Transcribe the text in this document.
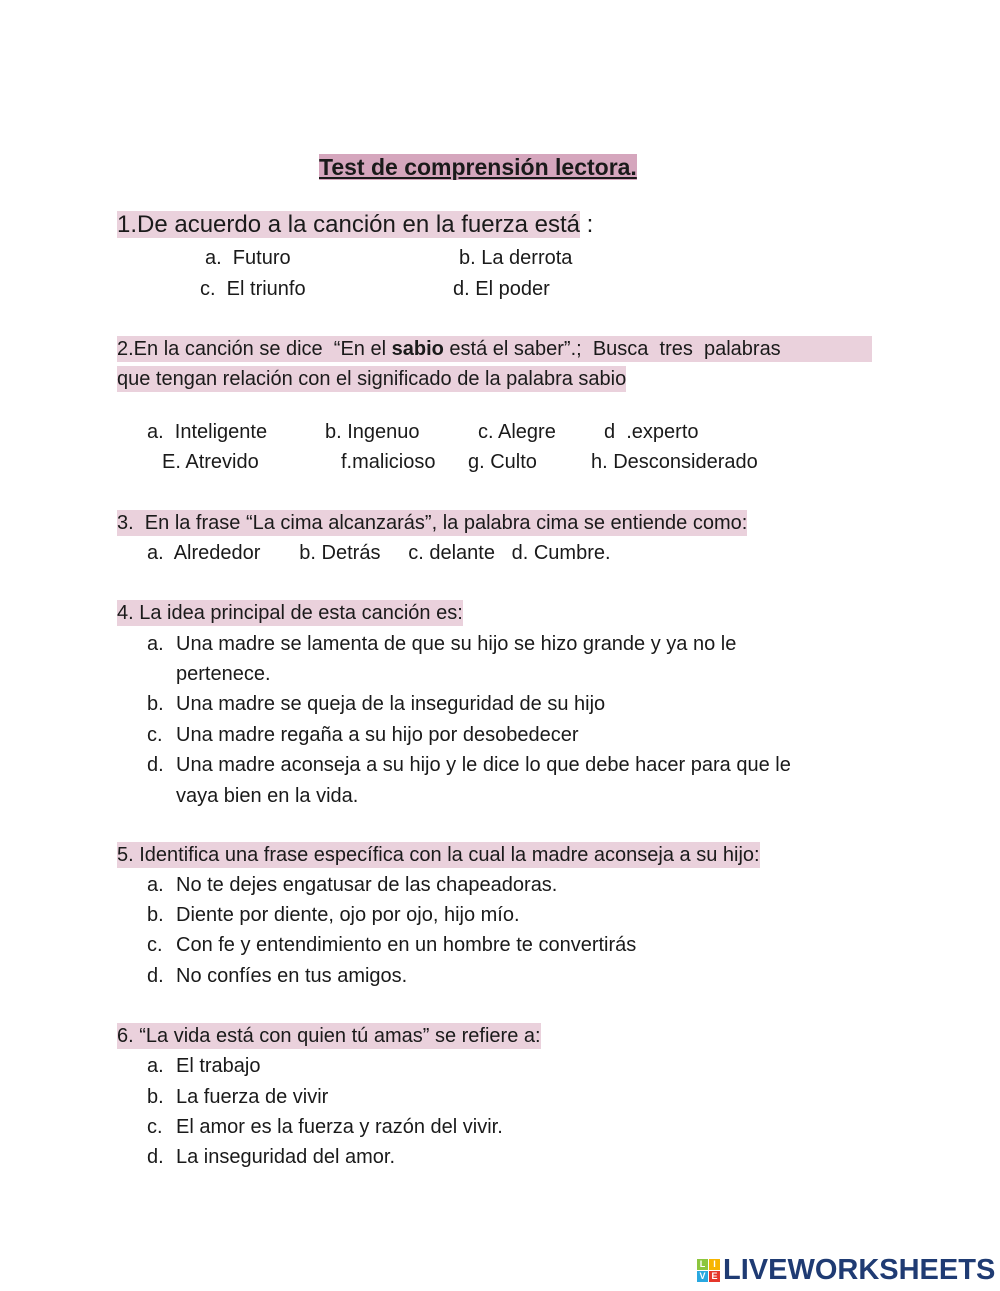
Test de comprensión lectora.
1.De acuerdo a la canción en la fuerza está :
a.  Futuro	b. La derrota
c.  El triunfo	d. El poder
2.En la canción se dice  “En el sabio está el saber”.;  Busca  tres  palabras
que tengan relación con el significado de la palabra sabio
a.  Inteligente	b. Ingenuo	c. Alegre d  .experto
E. Atrevido	f.malicioso g. Culto	h. Desconsiderado
3.  En la frase “La cima alcanzarás”, la palabra cima se entiende como:
a.  Alrededor       b. Detrás     c. delante   d. Cumbre.
4. La idea principal de esta canción es:
a. Una madre se lamenta de que su hijo se hizo grande y ya no le
pertenece.
b. Una madre se queja de la inseguridad de su hijo
c. Una madre regaña a su hijo por desobedecer
d. Una madre aconseja a su hijo y le dice lo que debe hacer para que le
vaya bien en la vida.
5. Identifica una frase específica con la cual la madre aconseja a su hijo:
a. No te dejes engatusar de las chapeadoras.
b. Diente por diente, ojo por ojo, hijo mío.
c. Con fe y entendimiento en un hombre te convertirás
d. No confíes en tus amigos.
6. “La vida está con quien tú amas” se refiere a:
a. El trabajo
b. La fuerza de vivir
c. El amor es la fuerza y razón del vivir.
d. La inseguridad del amor.
L I
V E LIVEWORKSHEETS
